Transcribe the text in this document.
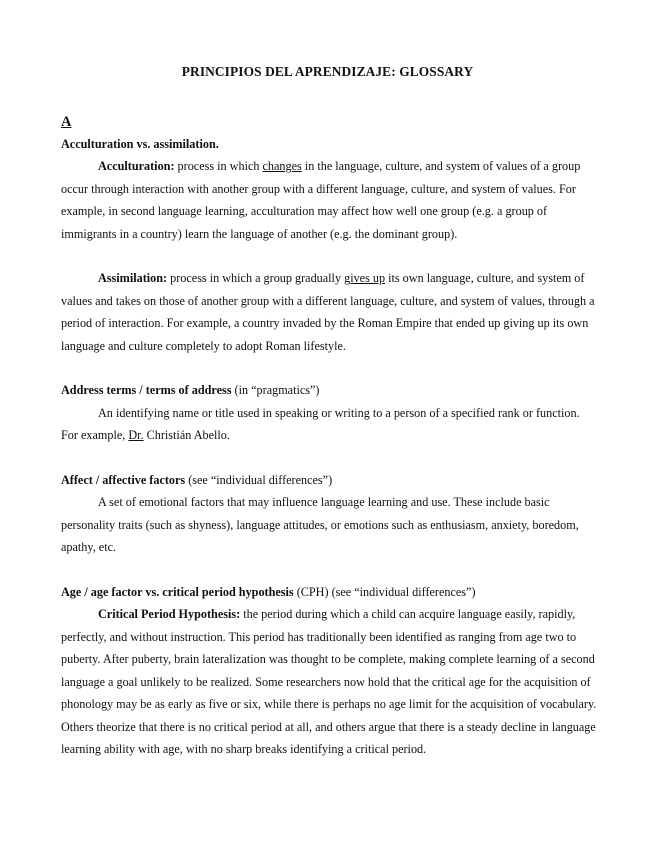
PRINCIPIOS DEL APRENDIZAJE: GLOSSARY

A

Acculturation vs. assimilation.

Acculturation: process in which changes in the language, culture, and system of values of a group occur through interaction with another group with a different language, culture, and system of values. For example, in second language learning, acculturation may affect how well one group (e.g. a group of immigrants in a country) learn the language of another (e.g. the dominant group).

Assimilation: process in which a group gradually gives up its own language, culture, and system of values and takes on those of another group with a different language, culture, and system of values, through a period of interaction. For example, a country invaded by the Roman Empire that ended up giving up its own language and culture completely to adopt Roman lifestyle.

Address terms / terms of address (in “pragmatics”)

An identifying name or title used in speaking or writing to a person of a specified rank or function. For example, Dr. Christián Abello.

Affect / affective factors (see “individual differences”)

A set of emotional factors that may influence language learning and use. These include basic personality traits (such as shyness), language attitudes, or emotions such as enthusiasm, anxiety, boredom, apathy, etc.

Age / age factor vs. critical period hypothesis (CPH) (see “individual differences”)

Critical Period Hypothesis: the period during which a child can acquire language easily, rapidly, perfectly, and without instruction. This period has traditionally been identified as ranging from age two to puberty. After puberty, brain lateralization was thought to be complete, making complete learning of a second language a goal unlikely to be realized. Some researchers now hold that the critical age for the acquisition of phonology may be as early as five or six, while there is perhaps no age limit for the acquisition of vocabulary. Others theorize that there is no critical period at all, and others argue that there is a steady decline in language learning ability with age, with no sharp breaks identifying a critical period.
